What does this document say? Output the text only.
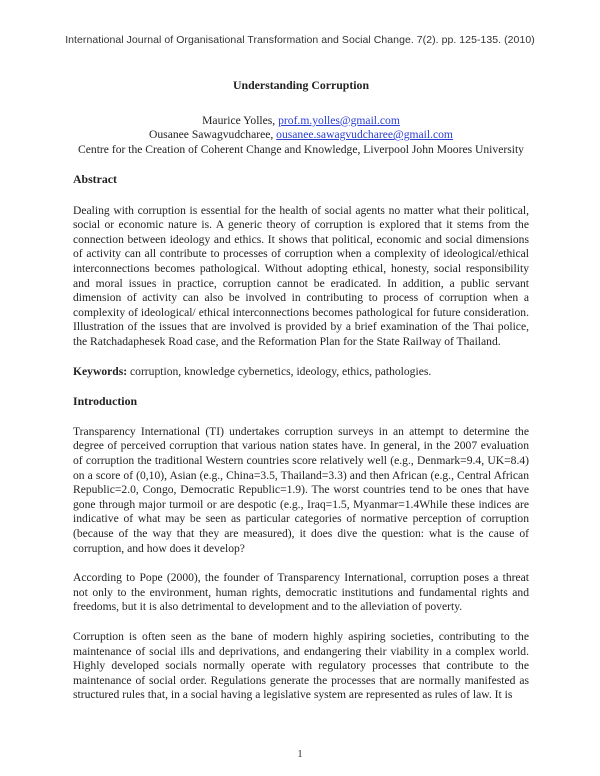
International Journal of Organisational Transformation and Social Change. 7(2). pp. 125-135. (2010)
Understanding Corruption
Maurice Yolles, prof.m.yolles@gmail.com
Ousanee Sawagvudcharee, ousanee.sawagvudcharee@gmail.com
Centre for the Creation of Coherent Change and Knowledge, Liverpool John Moores University
Abstract

Dealing with corruption is essential for the health of social agents no matter what their political, social or economic nature is. A generic theory of corruption is explored that it stems from the connection between ideology and ethics. It shows that political, economic and social dimensions of activity can all contribute to processes of corruption when a complexity of ideological/ethical interconnections becomes pathological. Without adopting ethical, honesty, social responsibility and moral issues in practice, corruption cannot be eradicated. In addition, a public servant dimension of activity can also be involved in contributing to process of corruption when a complexity of ideological/ ethical interconnections becomes pathological for future consideration. Illustration of the issues that are involved is provided by a brief examination of the Thai police, the Ratchadaphesek Road case, and the Reformation Plan for the State Railway of Thailand.

Keywords: corruption, knowledge cybernetics, ideology, ethics, pathologies.

Introduction

Transparency International (TI) undertakes corruption surveys in an attempt to determine the degree of perceived corruption that various nation states have. In general, in the 2007 evaluation of corruption the traditional Western countries score relatively well (e.g., Denmark=9.4, UK=8.4) on a score of (0,10), Asian (e.g., China=3.5, Thailand=3.3) and then African (e.g., Central African Republic=2.0, Congo, Democratic Republic=1.9). The worst countries tend to be ones that have gone through major turmoil or are despotic (e.g., Iraq=1.5, Myanmar=1.4While these indices are indicative of what may be seen as particular categories of normative perception of corruption (because of the way that they are measured), it does dive the question: what is the cause of corruption, and how does it develop?

According to Pope (2000), the founder of Transparency International, corruption poses a threat not only to the environment, human rights, democratic institutions and fundamental rights and freedoms, but it is also detrimental to development and to the alleviation of poverty.

Corruption is often seen as the bane of modern highly aspiring societies, contributing to the maintenance of social ills and deprivations, and endangering their viability in a complex world. Highly developed socials normally operate with regulatory processes that contribute to the maintenance of social order. Regulations generate the processes that are normally manifested as structured rules that, in a social having a legislative system are represented as rules of law. It is

1
